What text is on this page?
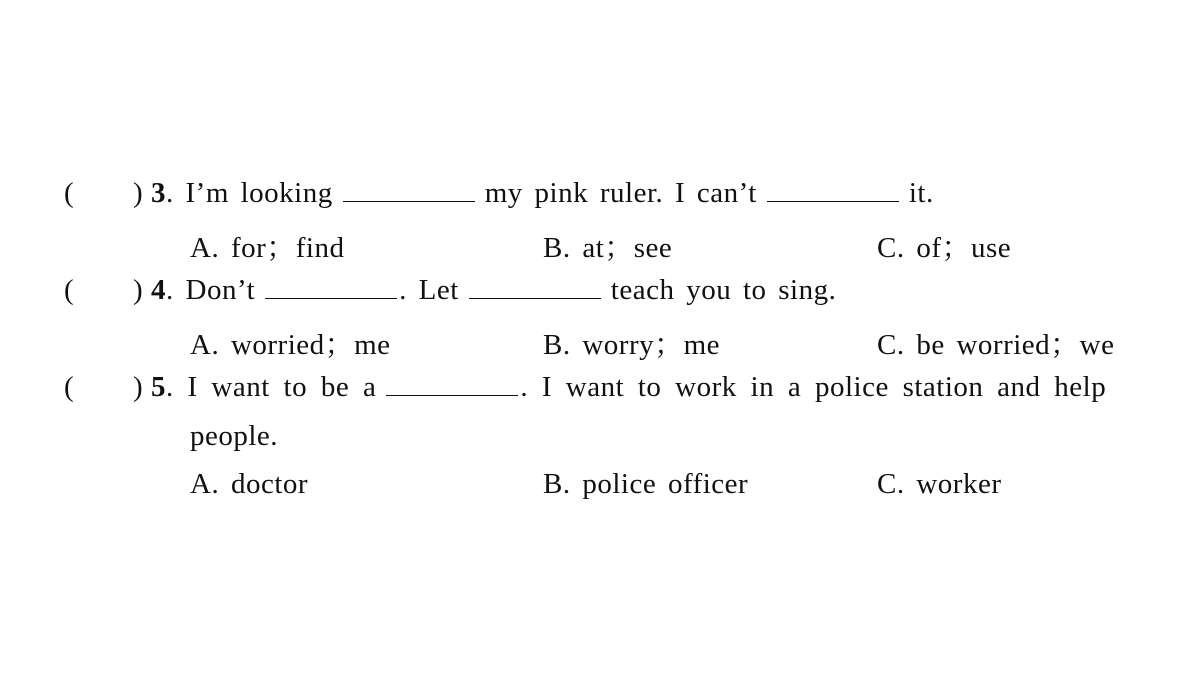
( ) 3. I’m looking	my pink ruler. I can’t	it.
A. for；find	B. at；see	C. of；use
( ) 4. Don’t	. Let	teach you to sing.
A. worried；me	B. worry；me	C. be worried；we
( ) 5. I want to be a	. I want to work in a police station and help
people.
A. doctor	B. police officer	C. worker
